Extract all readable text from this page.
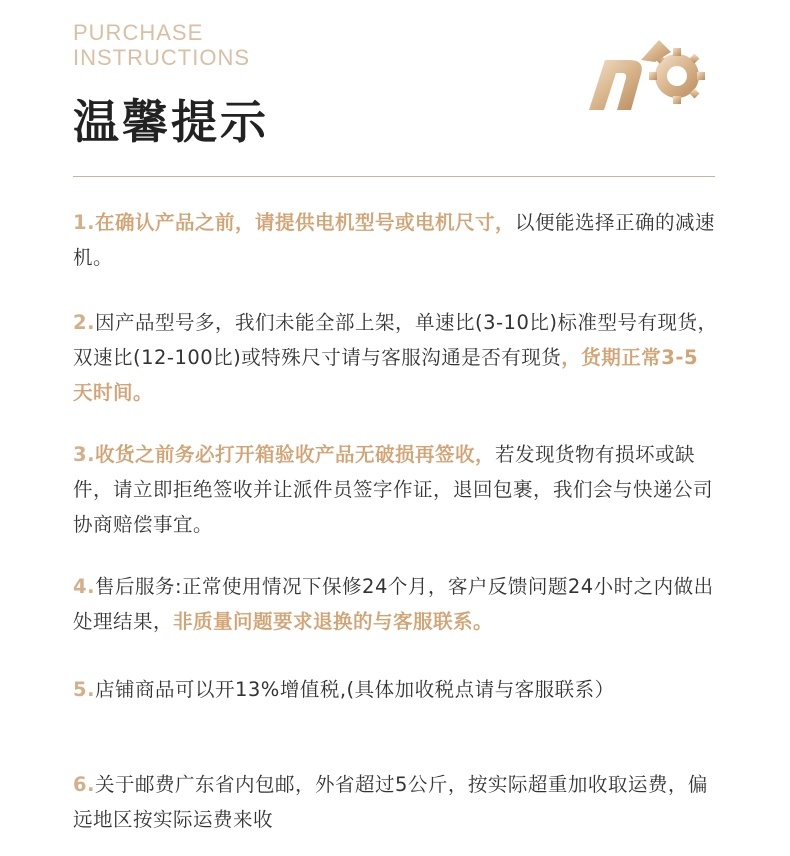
PURCHASE
INSTRUCTIONS
温馨提示
1.在确认产品之前，请提供电机型号或电机尺寸，以便能选择正确的减速机。
2.因产品型号多，我们未能全部上架，单速比(3-10比)标准型号有现货，双速比(12-100比)或特殊尺寸请与客服沟通是否有现货，货期正常3-5天时间。
3.收货之前务必打开箱验收产品无破损再签收，若发现货物有损坏或缺件，请立即拒绝签收并让派件员签字作证，退回包裹，我们会与快递公司协商赔偿事宜。
4.售后服务:正常使用情况下保修24个月，客户反馈问题24小时之内做出处理结果，非质量问题要求退换的与客服联系。
5.店铺商品可以开13%增值税,(具体加收税点请与客服联系）
6.关于邮费广东省内包邮，外省超过5公斤，按实际超重加收取运费，偏远地区按实际运费来收
